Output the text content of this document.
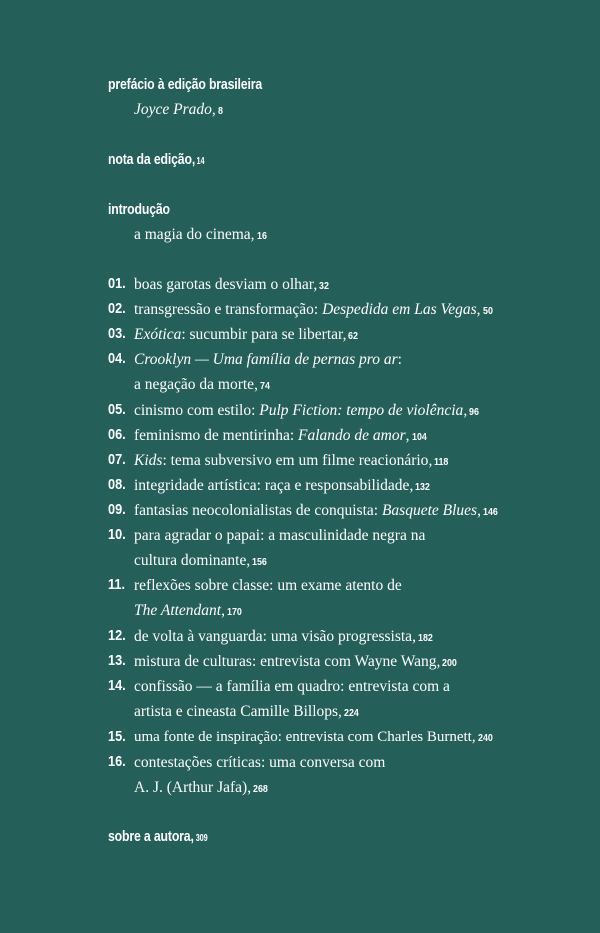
prefácio à edição brasileira
Joyce Prado, 8
nota da edição, 14
introdução
a magia do cinema, 16
01. boas garotas desviam o olhar, 32
02. transgressão e transformação: Despedida em Las Vegas, 50
03. Exótica: sucumbir para se libertar, 62
04. Crooklyn — Uma família de pernas pro ar:
a negação da morte, 74
05. cinismo com estilo: Pulp Fiction: tempo de violência, 96
06. feminismo de mentirinha: Falando de amor, 104
07. Kids: tema subversivo em um filme reacionário, 118
08. integridade artística: raça e responsabilidade, 132
09. fantasias neocolonialistas de conquista: Basquete Blues, 146
10. para agradar o papai: a masculinidade negra na
cultura dominante, 156
11. reflexões sobre classe: um exame atento de
The Attendant, 170
12. de volta à vanguarda: uma visão progressista, 182
13. mistura de culturas: entrevista com Wayne Wang, 200
14. confissão — a família em quadro: entrevista com a
artista e cineasta Camille Billops, 224
15. uma fonte de inspiração: entrevista com Charles Burnett, 240
16. contestações críticas: uma conversa com
A. J. (Arthur Jafa), 268
sobre a autora, 309
